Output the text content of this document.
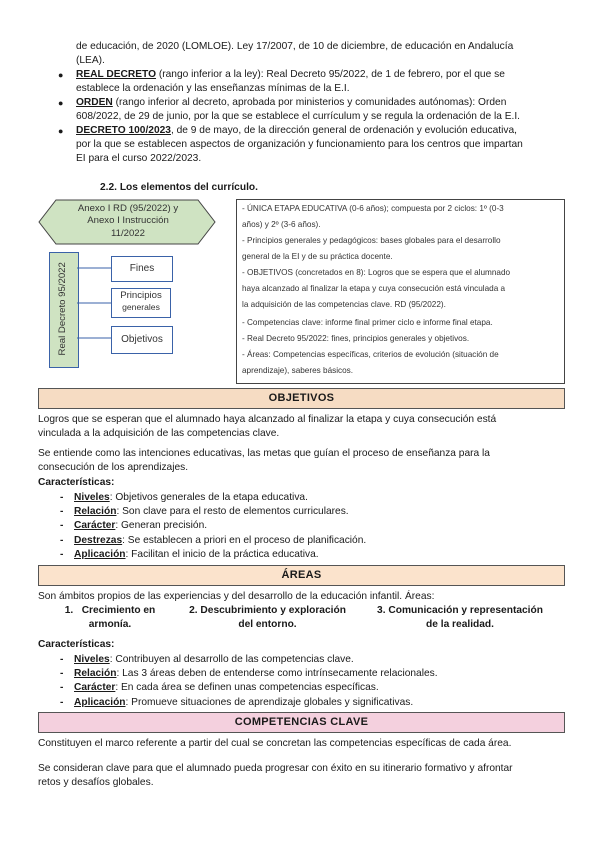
de educación, de 2020 (LOMLOE). Ley 17/2007, de 10 de diciembre, de educación en Andalucía
(LEA).
● REAL DECRETO (rango inferior a la ley): Real Decreto 95/2022, de 1 de febrero, por el que se
establece la ordenación y las enseñanzas mínimas de la E.I.
● ORDEN (rango inferior al decreto, aprobada por ministerios y comunidades autónomas): Orden
608/2022, de 29 de junio, por la que se establece el currículum y se regula la ordenación de la E.I.
● DECRETO 100/2023, de 9 de mayo, de la dirección general de ordenación y evolución educativa,
por la que se establecen aspectos de organización y funcionamiento para los centros que impartan
EI para el curso 2022/2023.
2.2. Los elementos del currículo.
Anexo I RD (95/2022) y
Anexo I Instrucción
11/2022
Real Decreto 95/2022	Fines
Principios
generales
Objetivos
- ÚNICA ETAPA EDUCATIVA (0-6 años); compuesta por 2 ciclos: 1º (0-3
años) y 2º (3-6 años).
- Principios generales y pedagógicos: bases globales para el desarrollo
general de la EI y de su práctica docente.
- OBJETIVOS (concretados en 8): Logros que se espera que el alumnado
haya alcanzado al finalizar la etapa y cuya consecución está vinculada a
la adquisición de las competencias clave. RD (95/2022).
- Competencias clave: informe final primer ciclo e informe final etapa.
- Real Decreto 95/2022: fines, principios generales y objetivos.
- Áreas: Competencias específicas, criterios de evolución (situación de
aprendizaje), saberes básicos.
OBJETIVOS
Logros que se esperan que el alumnado haya alcanzado al finalizar la etapa y cuya consecución está
vinculada a la adquisición de las competencias clave.
Se entiende como las intenciones educativas, las metas que guían el proceso de enseñanza para la
consecución de los aprendizajes.
Características:
- Niveles: Objetivos generales de la etapa educativa.
- Relación: Son clave para el resto de elementos curriculares.
- Carácter: Generan precisión.
- Destrezas: Se establecen a priori en el proceso de planificación.
- Aplicación: Facilitan el inicio de la práctica educativa.
ÁREAS
Son ámbitos propios de las experiencias y del desarrollo de la educación infantil. Áreas:
1. Crecimiento en
armonía.
2. Descubrimiento y exploración
del entorno.
3. Comunicación y representación
de la realidad.
Características:
- Niveles: Contribuyen al desarrollo de las competencias clave.
- Relación: Las 3 áreas deben de entenderse como intrínsecamente relacionales.
- Carácter: En cada área se definen unas competencias específicas.
- Aplicación: Promueve situaciones de aprendizaje globales y significativas.
COMPETENCIAS CLAVE
Constituyen el marco referente a partir del cual se concretan las competencias específicas de cada área.
Se consideran clave para que el alumnado pueda progresar con éxito en su itinerario formativo y afrontar
retos y desafíos globales.
